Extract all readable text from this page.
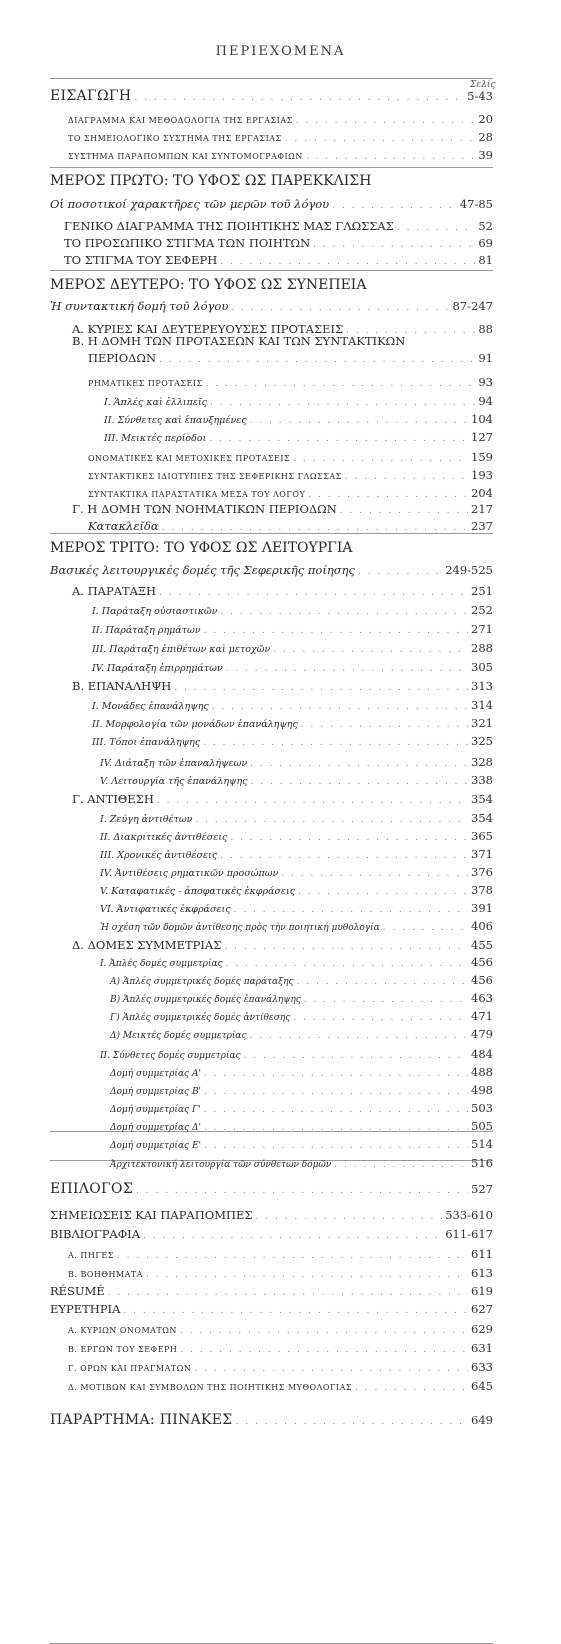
ΠΕΡΙΕΧΟΜΕΝΑ
Σελίς
ΕΙΣΑΓΩΓΗ . . .	5-43
ΔΙΑΓΡΑΜΜΑ ΚΑΙ ΜΕΘΟΔΟΛΟΓΙΑ ΤΗΣ ΕΡΓΑΣΙΑΣ . . .	20
ΤΟ ΣΗΜΕΙΟΛΟΓΙΚΟ ΣΥΣΤΗΜΑ ΤΗΣ ΕΡΓΑΣΙΑΣ . . .	28
ΣΥΣΤΗΜΑ ΠΑΡΑΠΟΜΠΩΝ ΚΑΙ ΣΥΝΤΟΜΟΓΡΑΦΙΩΝ . . .	39
ΜΕΡΟΣ ΠΡΩΤΟ: ΤΟ ΥΦΟΣ ΩΣ ΠΑΡΕΚΚΛΙΣΗ
Οἱ ποσοτικοί χαρακτῆρες τῶν μερῶν τοῦ λόγου . . .	47-85
ΓΕΝΙΚΟ ΔΙΑΓΡΑΜΜΑ ΤΗΣ ΠΟΙΗΤΙΚΗΣ ΜΑΣ ΓΛΩΣΣΑΣ . . .	52
ΤΟ ΠΡΟΣΩΠΙΚΟ ΣΤΙΓΜΑ ΤΩΝ ΠΟΙΗΤΩΝ . . .	69
ΤΟ ΣΤΙΓΜΑ ΤΟΥ ΣΕΦΕΡΗ . . .	81
ΜΕΡΟΣ ΔΕΥΤΕΡΟ: ΤΟ ΥΦΟΣ ΩΣ ΣΥΝΕΠΕΙΑ
Ἡ συντακτική δομή τοῦ λόγου . . .	87-247
Α. ΚΥΡΙΕΣ ΚΑΙ ΔΕΥΤΕΡΕΥΟΥΣΕΣ ΠΡΟΤΑΣΕΙΣ . . .	88
Β. Η ΔΟΜΗ ΤΩΝ ΠΡΟΤΑΣΕΩΝ ΚΑΙ ΤΩΝ ΣΥΝΤΑΚΤΙΚΩΝ
ΠΕΡΙΟΔΩΝ . . .	91
ΡΗΜΑΤΙΚΕΣ ΠΡΟΤΑΣΕΙΣ . . .	93
I. Ἁπλές καὶ ἐλλιπεῖς . . .	94
II. Σύνθετες καὶ ἐπαυξημένες . . .	104
III. Μεικτές περίοδοι . . .	127
ΟΝΟΜΑΤΙΚΕΣ ΚΑΙ ΜΕΤΟΧΙΚΕΣ ΠΡΟΤΑΣΕΙΣ . . .	159
ΣΥΝΤΑΚΤΙΚΕΣ ΙΔΙΟΤΥΠΙΕΣ ΤΗΣ ΣΕΦΕΡΙΚΗΣ ΓΛΩΣΣΑΣ . . .	193
ΣΥΝΤΑΚΤΙΚΑ ΠΑΡΑΣΤΑΤΙΚΑ ΜΕΣΑ ΤΟΥ ΛΟΓΟΥ . . .	204
Γ. Η ΔΟΜΗ ΤΩΝ ΝΟΗΜΑΤΙΚΩΝ ΠΕΡΙΟΔΩΝ . . .	217
Κατακλεῖδα . . .	237
ΜΕΡΟΣ ΤΡΙΤΟ: ΤΟ ΥΦΟΣ ΩΣ ΛΕΙΤΟΥΡΓΙΑ
Βασικές λειτουργικές δομές τῆς Σεφερικῆς ποίησης . . .	249-525
Α. ΠΑΡΑΤΑΞΗ . . .	251
I. Παράταξη οὐσιαστικῶν . . .	252
II. Παράταξη ρημάτων . . .	271
III. Παράταξη ἐπιθέτων καὶ μετοχῶν . . .	288
IV. Παράταξη ἐπιρρημάτων . . .	305
Β. ΕΠΑΝΑΛΗΨΗ . . .	313
I. Μονάδες ἐπανάληψης . . .	314
II. Μορφολογία τῶν μονάδων ἐπανάληψης . . .	321
III. Τόποι ἐπανάληψης . . .	325
IV. Διάταξη τῶν ἐπαναλήψεων . . .	328
V. Λειτουργία τῆς ἐπανάληψης . . .	338
Γ. ΑΝΤΙΘΕΣΗ . . .	354
I. Ζεύγη ἀντιθέτων . . .	354
II. Διακριτικές ἀντιθέσεις . . .	365
III. Χρονικές ἀντιθέσεις . . .	371
IV. Ἀντιθέσεις ρηματικῶν προσώπων . . .	376
V. Καταφατικές - ἀποφατικές ἐκφράσεις . . .	378
VI. Ἀντιφατικές ἐκφράσεις . . .	391
Ἡ σχέση τῶν δομῶν ἀντίθεσης πρὸς τὴν ποιητική μυθολογία . . .	406
Δ. ΔΟΜΕΣ ΣΥΜΜΕΤΡΙΑΣ . . .	455
I. Ἁπλές δομές συμμετρίας . . .	456
Α) Ἁπλές συμμετρικές δομές παράταξης . . .	456
Β) Ἁπλές συμμετρικές δομές ἐπανάληψης . . .	463
Γ) Ἁπλές συμμετρικές δομές ἀντίθεσης . . .	471
Δ) Μεικτές δομές συμμετρίας . . .	479
II. Σύνθετες δομές συμμετρίας . . .	484
Δομή συμμετρίας Α' . . .	488
Δομή συμμετρίας Β' . . .	498
Δομή συμμετρίας Γ' . . .	503
Δομή συμμετρίας Δ' . . .	505
Δομή συμμετρίας Ε' . . .	514
Ἀρχιτεκτονική λειτουργία τῶν σύνθετων δομῶν . . .	516
ΕΠΙΛΟΓΟΣ . . .	527
ΣΗΜΕΙΩΣΕΙΣ ΚΑΙ ΠΑΡΑΠΟΜΠΕΣ . . .	533-610
ΒΙΒΛΙΟΓΡΑΦΙΑ . . .	611-617
Α. ΠΗΓΕΣ . . .	611
Β. ΒΟΗΘΗΜΑΤΑ . . .	613
RÉSUMÉ . . .	619
ΕΥΡΕΤΗΡΙΑ . . .	627
Α. ΚΥΡΙΩΝ ΟΝΟΜΑΤΩΝ . . .	629
Β. ΕΡΓΩΝ ΤΟΥ ΣΕΦΕΡΗ . . .	631
Γ. ΟΡΩΝ ΚΑΙ ΠΡΑΓΜΑΤΩΝ . . .	633
Δ. ΜΟΤΙΒΩΝ ΚΑΙ ΣΥΜΒΟΛΩΝ ΤΗΣ ΠΟΙΗΤΙΚΗΣ ΜΥΘΟΛΟΓΙΑΣ . . .	645
ΠΑΡΑΡΤΗΜΑ: ΠΙΝΑΚΕΣ . . .	649
